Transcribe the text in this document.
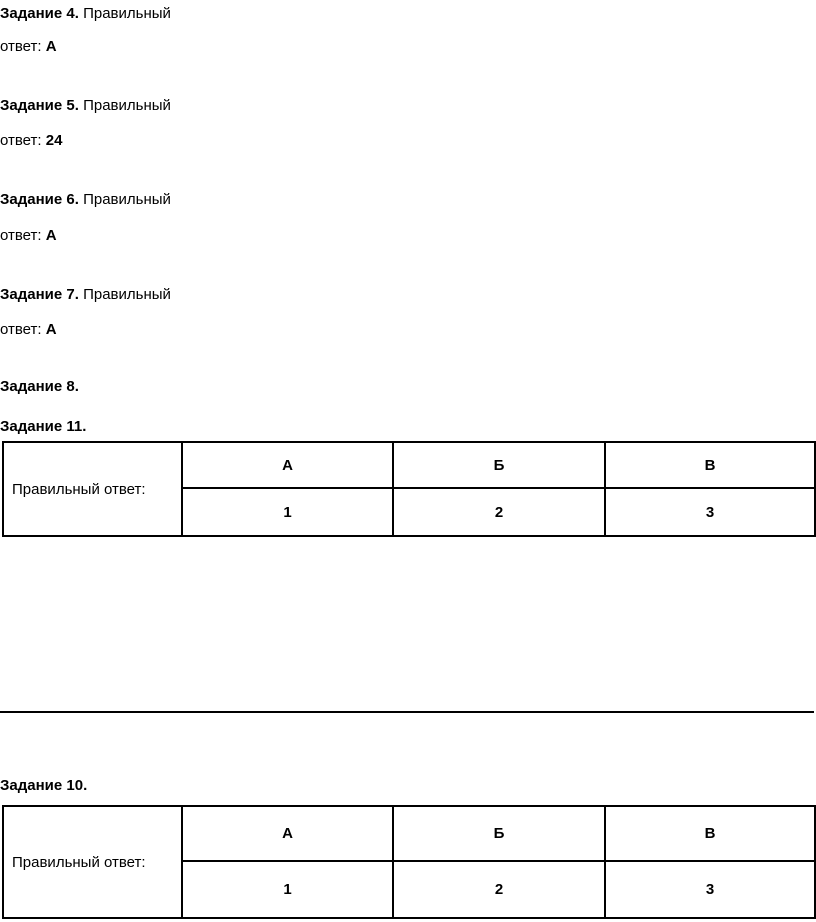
Задание 4. Правильный
ответ: А
Задание 5. Правильный
ответ: 24
Задание 6. Правильный
ответ: А
Задание 7. Правильный
ответ: А
Задание 8.
Задание 11.
Правильный ответ:	А	Б	В
	1	2	3
Задание 10.
Правильный ответ:	А	Б	В
	1	2	3
